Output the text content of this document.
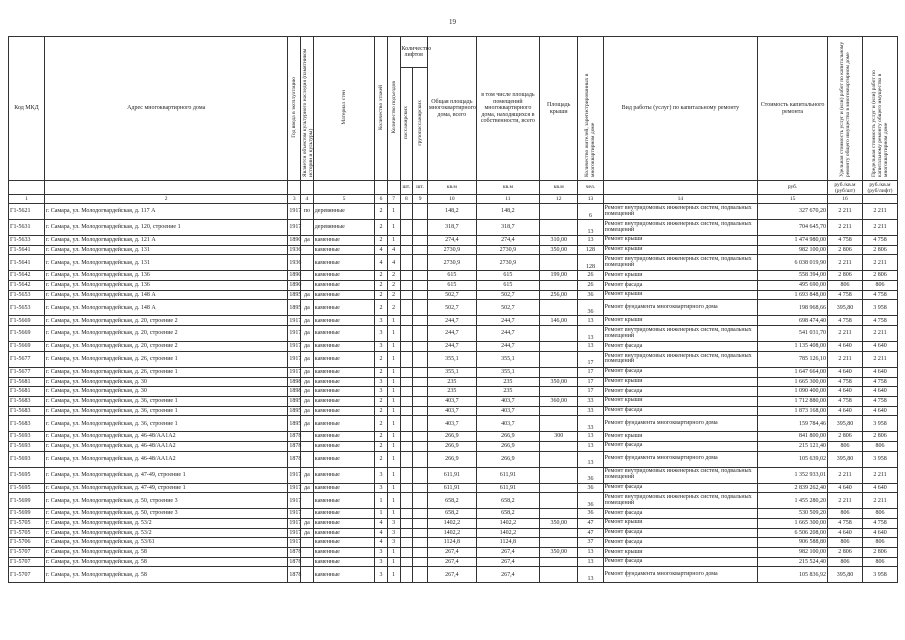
19
Код МКД	Адрес многоквартирного дома	Год ввода в эксплуатацию	Является объектом культурного наследия (памятником истории и культуры)	Материал стен	Количество этажей	Количество подъездов	Количество лифтов		Общая площадь многоквартирного дома, всего	в том числе площадь помещений многоквартирного дома, находящихся в собственности, всего	Площадь крыши	Количество жителей, зарегистрированных в многоквартирном доме	Вид работы (услуг) по капитальному ремонту	Стоимость капитального ремонта	Удельная стоимость услуг и (или) работ по капитальному ремонту общего имущества в многоквартирном доме	Предельная стоимость услуг и (или) работ по капитальному ремонту общего имущества в многоквартирном доме
							пассажирских	грузопассажирских								
							шт.	шт.	кв.м	кв.м	кв.м	чел.		руб.	руб./кв.м (руб/шт)	руб./кв.м (руб/лифт)
1	2	3	4	5	6	7	8	9	10	11	12	13	14	15	16	
Г1-5621	г. Самара, ул. Молодогвардейская, д. 117 А	1917	по	деревянные	2	1			148,2	148,2		6	Ремонт внутридомовых инженерных систем, подвальных помещений	327 670,20	2 211	2 211
Г1-5631	г. Самара, ул. Молодогвардейская, д. 120, строение 1	1917		деревянные	2	1			318,7	318,7		13	Ремонт внутридомовых инженерных систем, подвальных помещений	704 645,70	2 211	2 211
Г1-5633	г. Самара, ул. Молодогвардейская, д. 121 А	1890	да	каменные	2	1			274,4	274,4	310,00	13	Ремонт крыши	1 474 980,00	4 758	4 758
Г1-5641	г. Самара, ул. Молодогвардейская, д. 131	1936		каменные	4	4			2730,9	2730,9	350,00	128	Ремонт крыши	982 100,00	2 806	2 806
Г1-5641	г. Самара, ул. Молодогвардейская, д. 131	1936		каменные	4	4			2730,9	2730,9		128	Ремонт внутридомовых инженерных систем, подвальных помещений	6 038 019,90	2 211	2 211
Г1-5642	г. Самара, ул. Молодогвардейская, д. 136	1890		каменные	2	2			615	615	199,00	26	Ремонт крыши	558 394,00	2 806	2 806
Г1-5642	г. Самара, ул. Молодогвардейская, д. 136	1890		каменные	2	2			615	615		26	Ремонт фасада	495 690,00	806	806
Г1-5653	г. Самара, ул. Молодогвардейская, д. 148 А	1895	да	каменные	2	2			502,7	502,7	256,00	36	Ремонт крыши	1 693 848,00	4 758	4 758
Г1-5653	г. Самара, ул. Молодогвардейская, д. 148 А	1895	да	каменные	2	2			502,7	502,7		36	Ремонт фундамента многоквартирного дома	198 968,66	395,80	3 958
Г1-5669	г. Самара, ул. Молодогвардейская, д. 20, строение 2	1917	да	каменные	3	1			244,7	244,7	146,00	13	Ремонт крыши	698 474,40	4 758	4 758
Г1-5669	г. Самара, ул. Молодогвардейская, д. 20, строение 2	1917	да	каменные	3	1			244,7	244,7		13	Ремонт внутридомовых инженерных систем, подвальных помещений	541 031,70	2 211	2 211
Г1-5669	г. Самара, ул. Молодогвардейская, д. 20, строение 2	1917	да	каменные	3	1			244,7	244,7		13	Ремонт фасада	1 135 408,00	4 640	4 640
Г1-5677	г. Самара, ул. Молодогвардейская, д. 26, строение 1	1917	да	каменные	2	1			355,1	355,1		17	Ремонт внутридомовых инженерных систем, подвальных помещений	785 126,10	2 211	2 211
Г1-5677	г. Самара, ул. Молодогвардейская, д. 26, строение 1	1917	да	каменные	2	1			355,1	355,1		17	Ремонт фасада	1 647 664,00	4 640	4 640
Г1-5681	г. Самара, ул. Молодогвардейская, д. 30	1898	да	каменные	3	1			235	235	350,00	17	Ремонт крыши	1 665 300,00	4 758	4 758
Г1-5681	г. Самара, ул. Молодогвардейская, д. 30	1898	да	каменные	3	1			235	235		17	Ремонт фасада	1 090 400,00	4 640	4 640
Г1-5683	г. Самара, ул. Молодогвардейская, д. 36, строение 1	1895	да	каменные	2	1			403,7	403,7	360,00	33	Ремонт крыши	1 712 880,00	4 758	4 758
Г1-5683	г. Самара, ул. Молодогвардейская, д. 36, строение 1	1895	да	каменные	2	1			403,7	403,7		33	Ремонт фасада	1 873 168,00	4 640	4 640
Г1-5683	г. Самара, ул. Молодогвардейская, д. 36, строение 1	1895	да	каменные	2	1			403,7	403,7		33	Ремонт фундамента многоквартирного дома	159 784,46	395,80	3 958
Г1-5693	г. Самара, ул. Молодогвардейская, д. 46-48/АА1А2	1878		каменные	2	1			266,9	266,9	300	13	Ремонт крыши	841 800,00	2 806	2 806
Г1-5693	г. Самара, ул. Молодогвардейская, д. 46-48/АА1А2	1878		каменные	2	1			266,9	266,9		13	Ремонт фасада	215 121,40	806	806
Г1-5693	г. Самара, ул. Молодогвардейская, д. 46-48/АА1А2	1878		каменные	2	1			266,9	266,9		13	Ремонт фундамента многоквартирного дома	105 639,02	395,80	3 958
Г1-5695	г. Самара, ул. Молодогвардейская, д. 47-49, строение 1	1917	да	каменные	3	1			611,91	611,91		36	Ремонт внутридомовых инженерных систем, подвальных помещений	1 352 933,01	2 211	2 211
Г1-5695	г. Самара, ул. Молодогвардейская, д. 47-49, строение 1	1917	да	каменные	3	1			611,91	611,91		36	Ремонт фасада	2 839 262,40	4 640	4 640
Г1-5699	г. Самара, ул. Молодогвардейская, д. 50, строение 3	1917		каменные	1	1			658,2	658,2		36	Ремонт внутридомовых инженерных систем, подвальных помещений	1 455 280,20	2 211	2 211
Г1-5699	г. Самара, ул. Молодогвардейская, д. 50, строение 3	1917		каменные	1	1			658,2	658,2		36	Ремонт фасада	530 509,20	806	806
Г1-5705	г. Самара, ул. Молодогвардейская, д. 53/2	1917	да	каменные	4	3			1402,2	1402,2	350,00	47	Ремонт крыши	1 665 300,00	4 758	4 758
Г1-5705	г. Самара, ул. Молодогвардейская, д. 53/2	1917	да	каменные	4	3			1402,2	1402,2		47	Ремонт фасада	6 506 208,00	4 640	4 640
Г1-5706	г. Самара, ул. Молодогвардейская, д. 53/61	1917		каменные	4	3			1124,8	1124,8		37	Ремонт фасада	906 588,80	806	806
Г1-5707	г. Самара, ул. Молодогвардейская, д. 58	1878		каменные	3	1			267,4	267,4	350,00	13	Ремонт крыши	982 100,00	2 806	2 806
Г1-5707	г. Самара, ул. Молодогвардейская, д. 58	1878		каменные	3	1			267,4	267,4		13	Ремонт фасада	215 524,40	806	806
Г1-5707	г. Самара, ул. Молодогвардейская, д. 58	1878		каменные	3	1			267,4	267,4		13	Ремонт фундамента многоквартирного дома	105 836,92	395,80	3 958
